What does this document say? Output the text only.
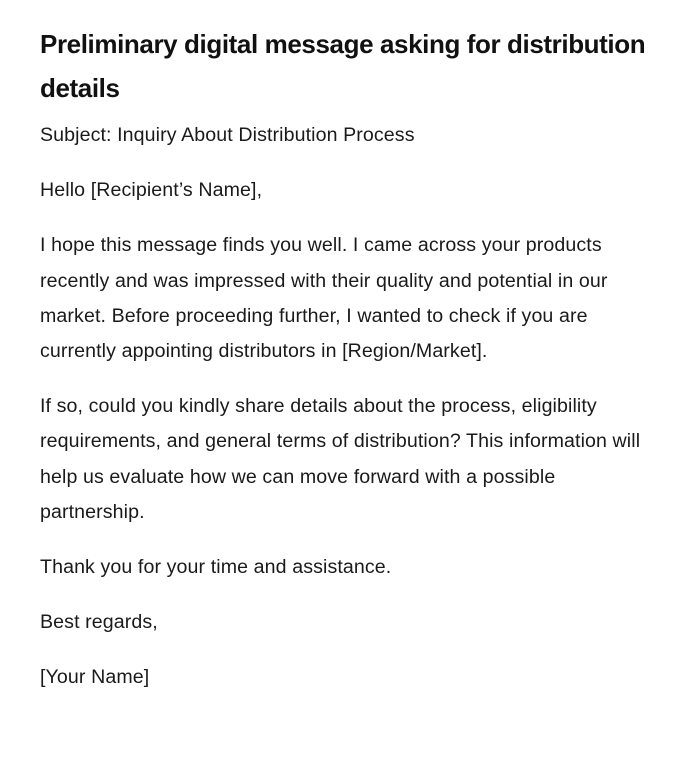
Preliminary digital message asking for distribution details

Subject: Inquiry About Distribution Process

Hello [Recipient’s Name],

I hope this message finds you well. I came across your products recently and was impressed with their quality and potential in our market. Before proceeding further, I wanted to check if you are currently appointing distributors in [Region/Market].

If so, could you kindly share details about the process, eligibility requirements, and general terms of distribution? This information will help us evaluate how we can move forward with a possible partnership.

Thank you for your time and assistance.

Best regards,

[Your Name]
